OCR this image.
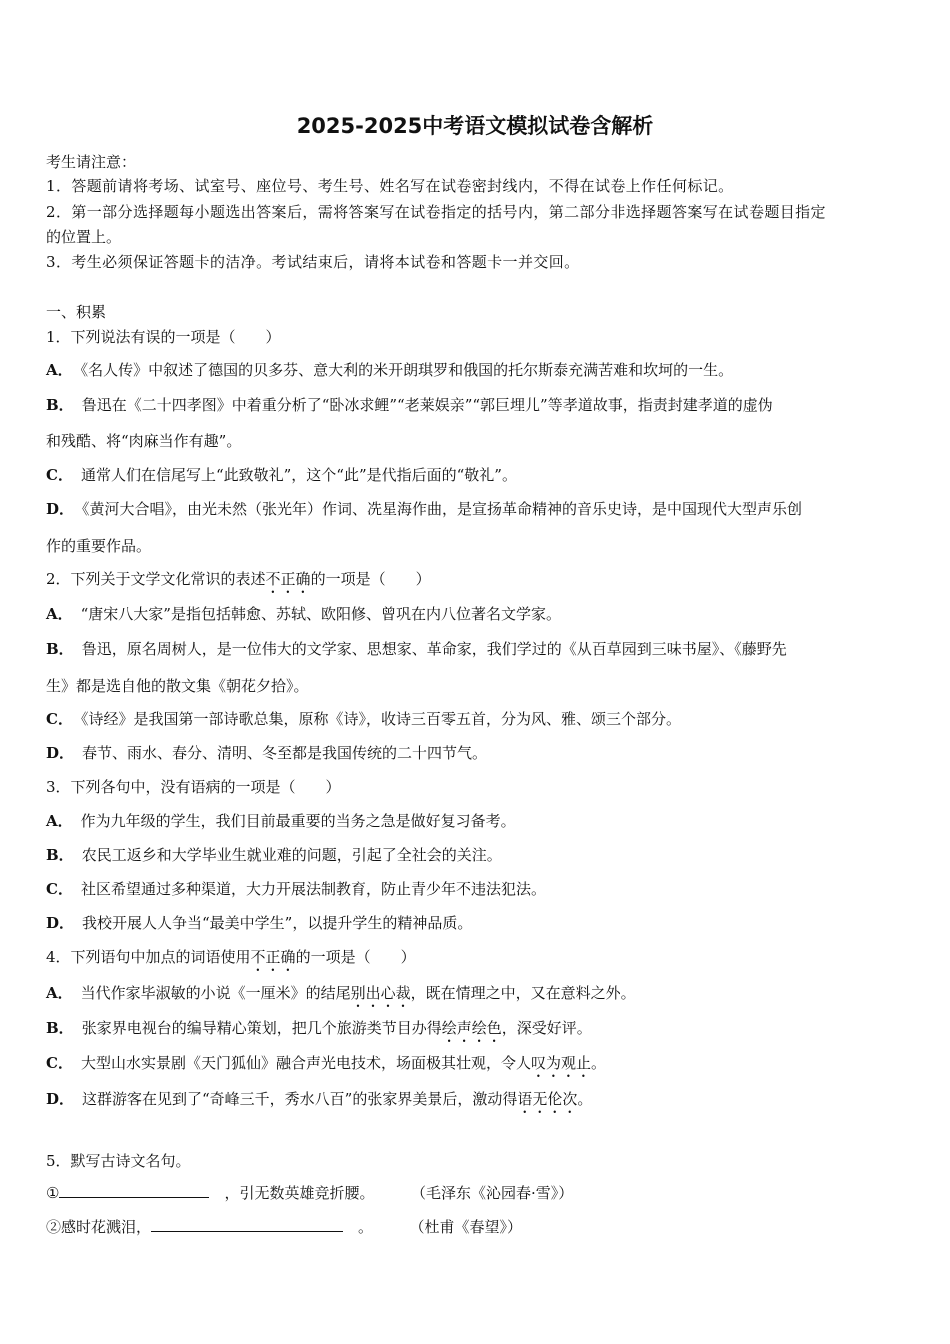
2025-2025中考语文模拟试卷含解析
考生请注意：
1．答题前请将考场、试室号、座位号、考生号、姓名写在试卷密封线内，不得在试卷上作任何标记。
2．第一部分选择题每小题选出答案后，需将答案写在试卷指定的括号内，第二部分非选择题答案写在试卷题目指定
的位置上。
3．考生必须保证答题卡的洁净。考试结束后，请将本试卷和答题卡一并交回。
一、积累
1．下列说法有误的一项是（　　）
A． 《名人传》中叙述了德国的贝多芬、意大利的米开朗琪罗和俄国的托尔斯泰充满苦难和坎坷的一生。
B． 鲁迅在《二十四孝图》中着重分析了“卧冰求鲤”“老莱娱亲”“郭巨埋儿”等孝道故事，指责封建孝道的虚伪
和残酷、将“肉麻当作有趣”。
C． 通常人们在信尾写上“此致敬礼”，这个“此”是代指后面的“敬礼”。
D． 《黄河大合唱》，由光未然（张光年）作词、冼星海作曲，是宣扬革命精神的音乐史诗，是中国现代大型声乐创
作的重要作品。
2．下列关于文学文化常识的表述不正确的一项是（　　）
A． “唐宋八大家”是指包括韩愈、苏轼、欧阳修、曾巩在内八位著名文学家。
B． 鲁迅，原名周树人，是一位伟大的文学家、思想家、革命家，我们学过的《从百草园到三味书屋》、《藤野先
生》都是选自他的散文集《朝花夕拾》。
C． 《诗经》是我国第一部诗歌总集，原称《诗》，收诗三百零五首，分为风、雅、颂三个部分。
D． 春节、雨水、春分、清明、冬至都是我国传统的二十四节气。
3．下列各句中，没有语病的一项是（　　）
A． 作为九年级的学生，我们目前最重要的当务之急是做好复习备考。
B． 农民工返乡和大学毕业生就业难的问题，引起了全社会的关注。
C． 社区希望通过多种渠道，大力开展法制教育，防止青少年不违法犯法。
D． 我校开展人人争当“最美中学生”，以提升学生的精神品质。
4．下列语句中加点的词语使用不正确的一项是（　　）
A． 当代作家毕淑敏的小说《一厘米》的结尾别出心裁，既在情理之中，又在意料之外。
B． 张家界电视台的编导精心策划，把几个旅游类节目办得绘声绘色，深受好评。
C． 大型山水实景剧《天门狐仙》融合声光电技术，场面极其壮观，令人叹为观止。
D． 这群游客在见到了“奇峰三千，秀水八百”的张家界美景后，激动得语无伦次。
5．默写古诗文名句。
①	　，引无数英雄竞折腰。	（毛泽东《沁园春·雪》）
②感时花溅泪，	　。	（杜甫《春望》）
